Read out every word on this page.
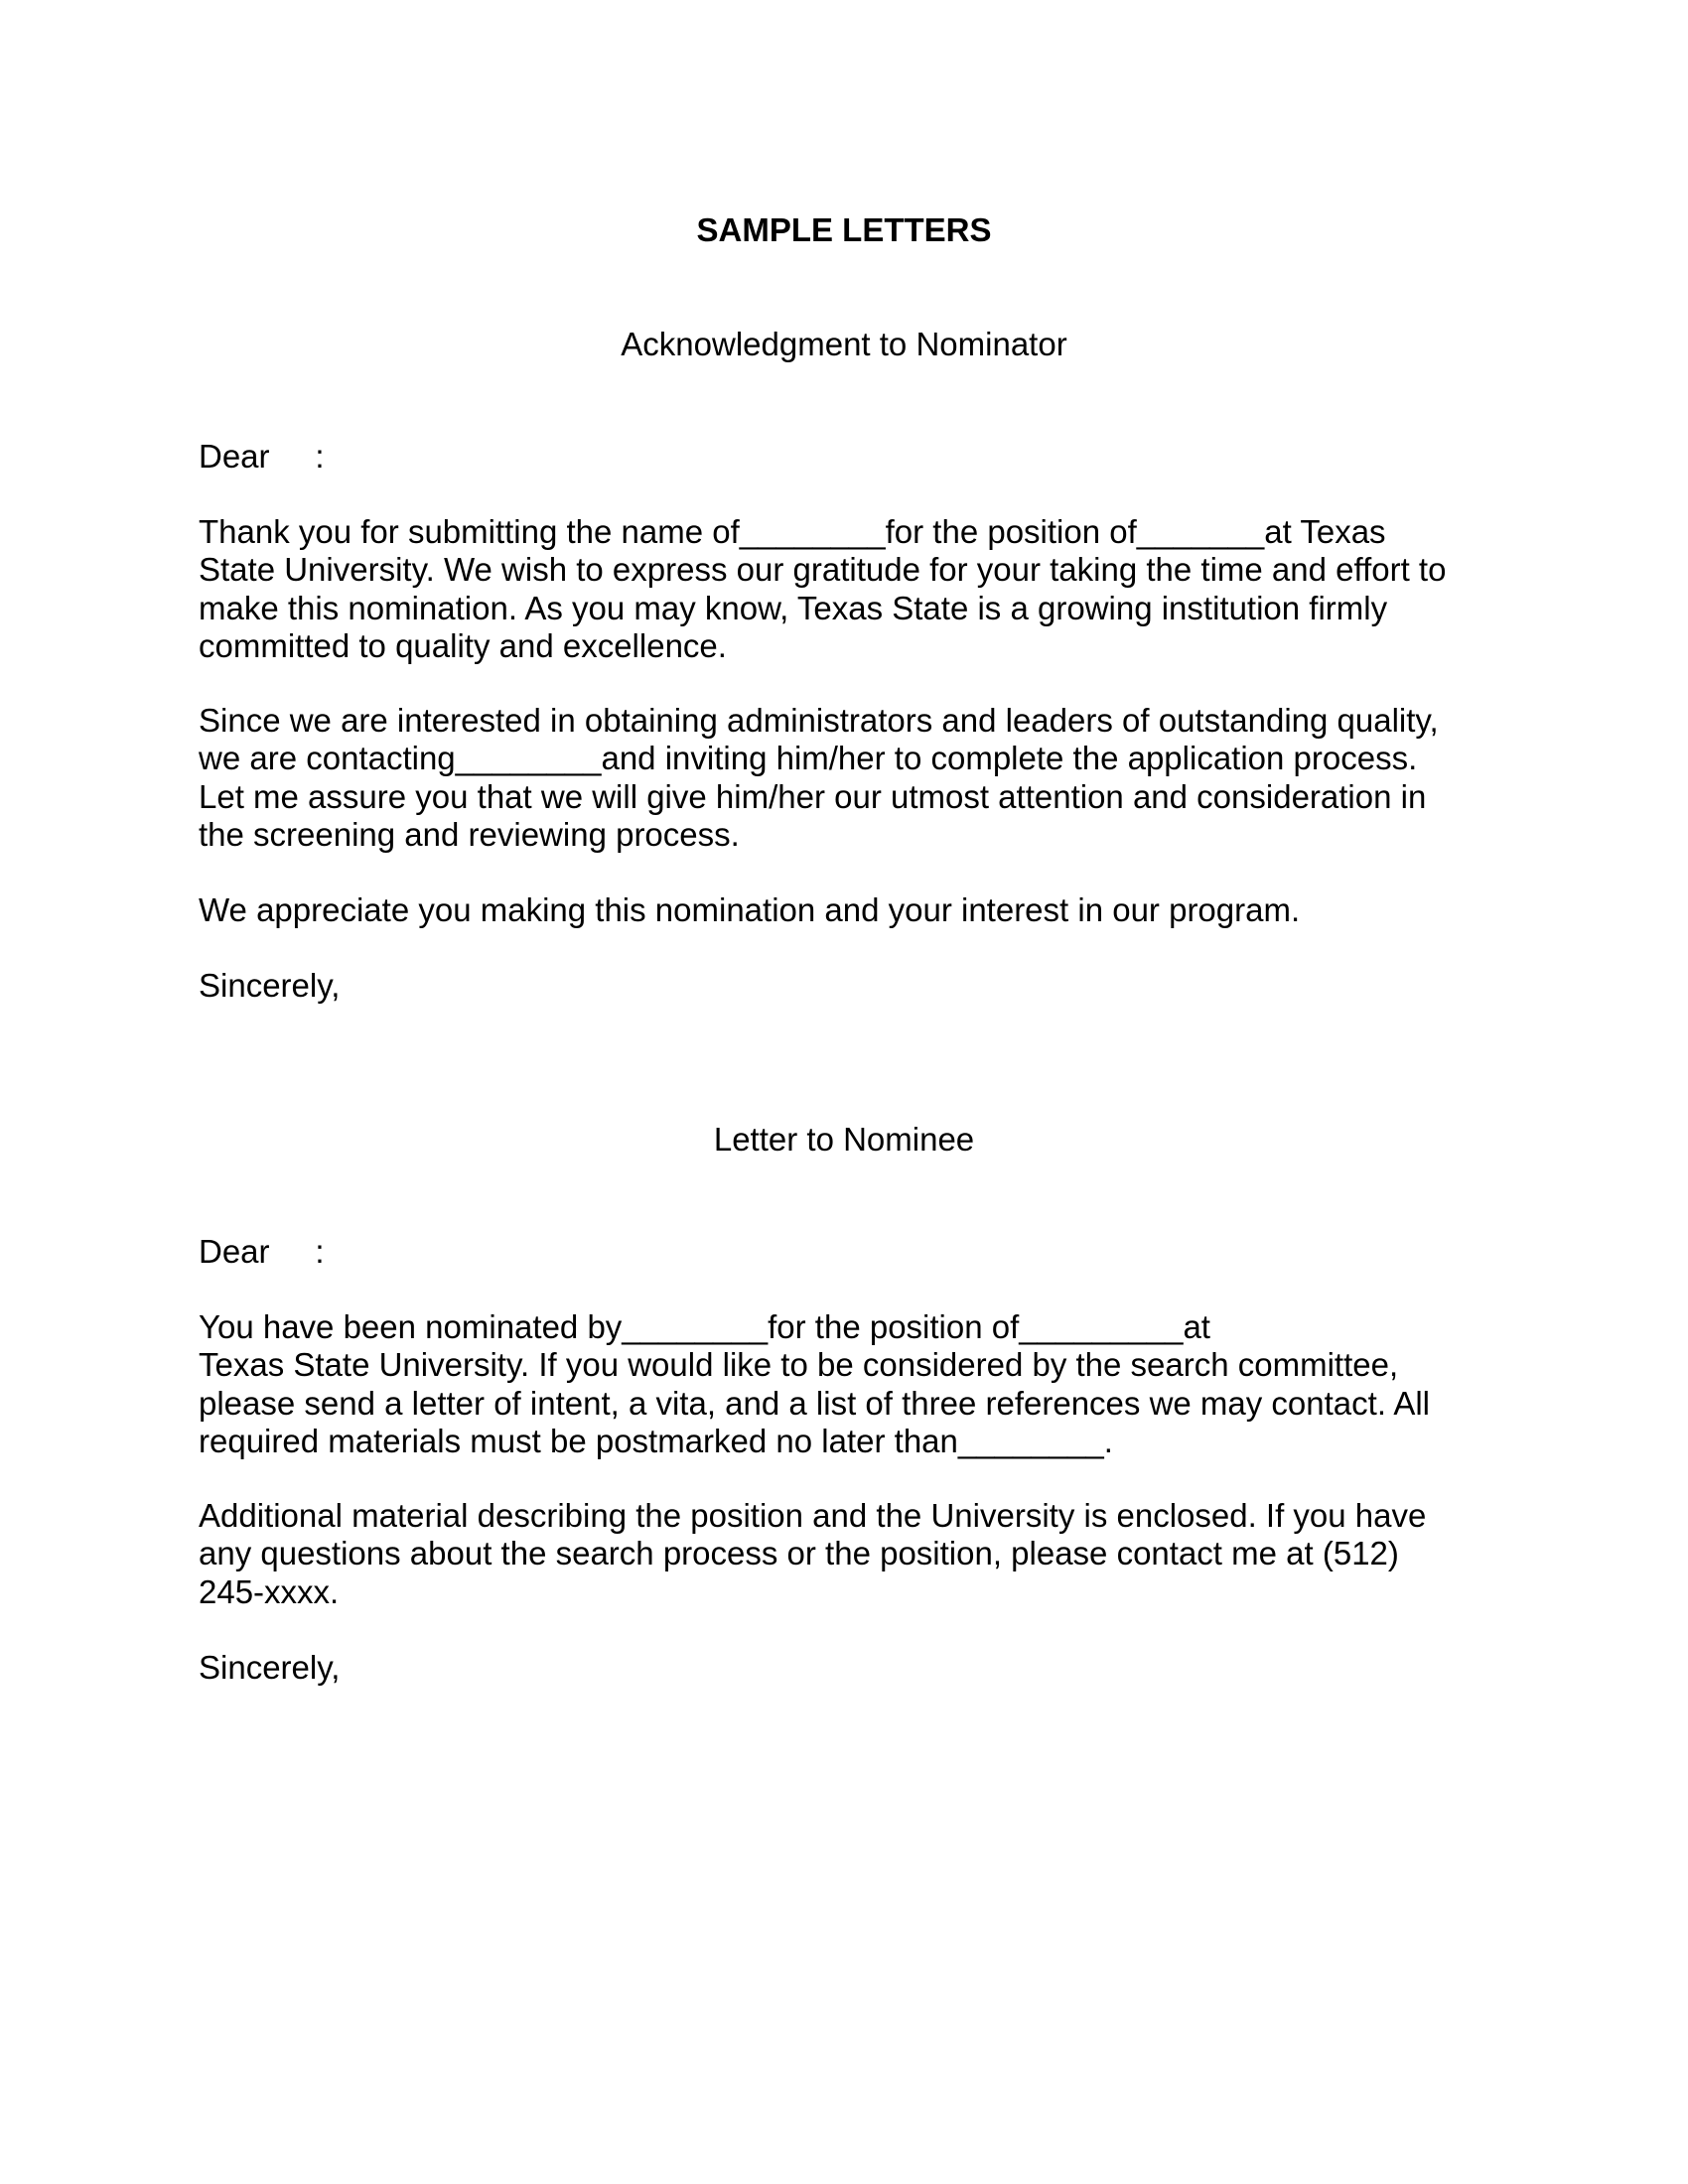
SAMPLE LETTERS

Acknowledgment to Nominator

Dear     :

Thank you for submitting the name of________for the position of_______at Texas
State University. We wish to express our gratitude for your taking the time and effort to
make this nomination. As you may know, Texas State is a growing institution firmly
committed to quality and excellence.

Since we are interested in obtaining administrators and leaders of outstanding quality,
we are contacting________and inviting him/her to complete the application process.
Let me assure you that we will give him/her our utmost attention and consideration in
the screening and reviewing process.

We appreciate you making this nomination and your interest in our program.

Sincerely,

Letter to Nominee

Dear     :

You have been nominated by________for the position of_________at
Texas State University. If you would like to be considered by the search committee,
please send a letter of intent, a vita, and a list of three references we may contact. All
required materials must be postmarked no later than________.

Additional material describing the position and the University is enclosed. If you have
any questions about the search process or the position, please contact me at (512)
245-xxxx.

Sincerely,
